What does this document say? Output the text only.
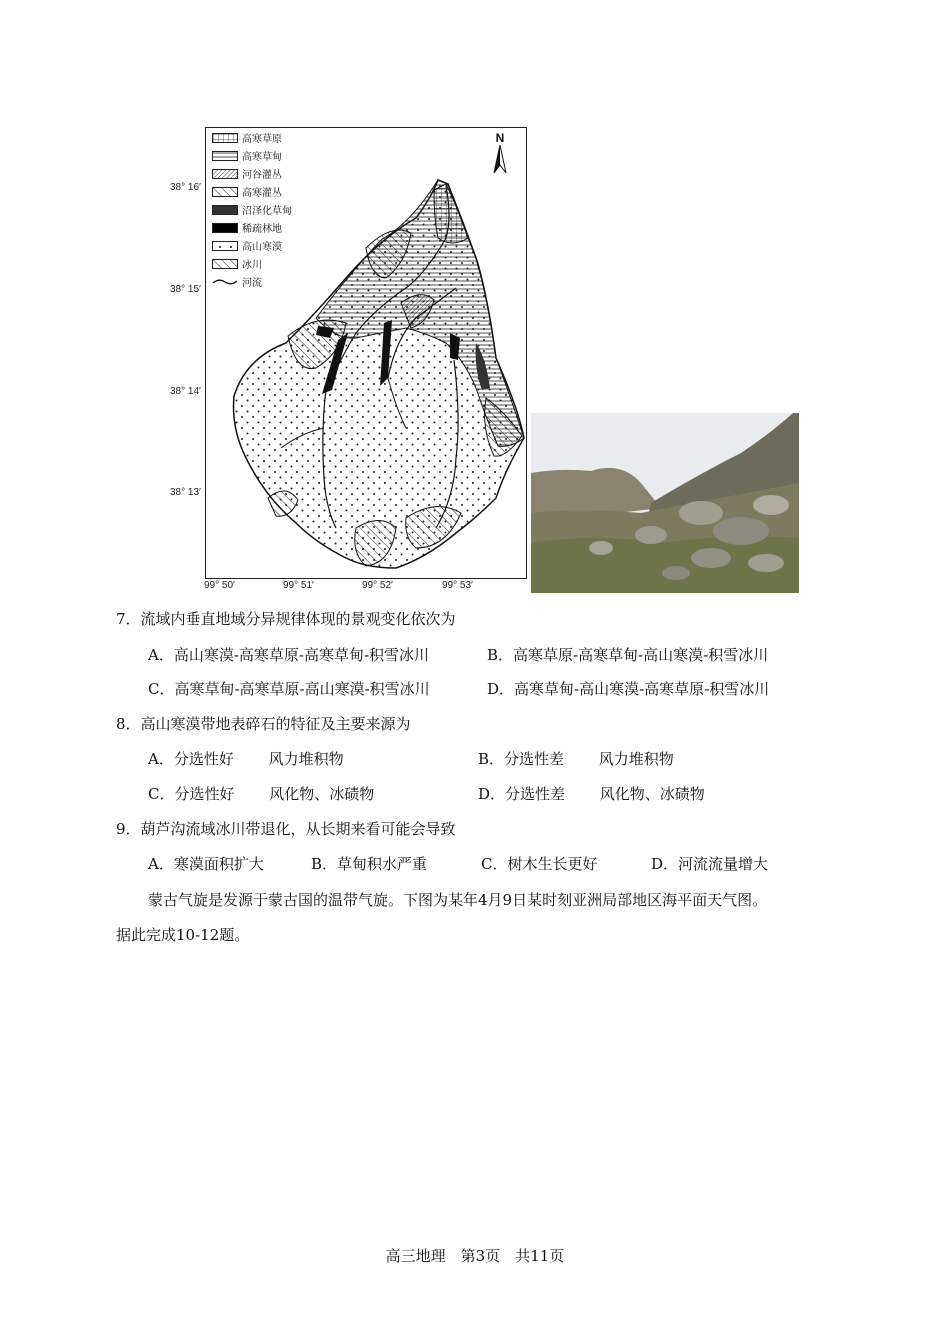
高寒草原
高寒草甸
河谷灌丛
高寒灌丛
沼泽化草甸
稀疏林地
高山寒漠
冰川
河流
N
38° 16′
38° 15′
38° 14′
38° 13′
99° 50′	99° 51′	99° 52′	99° 53′
7．流域内垂直地域分异规律体现的景观变化依次为
A．高山寒漠-高寒草原-高寒草甸-积雪冰川	B．高寒草原-高寒草甸-高山寒漠-积雪冰川
C．高寒草甸-高寒草原-高山寒漠-积雪冰川	D．高寒草甸-高山寒漠-高寒草原-积雪冰川
8．高山寒漠带地表碎石的特征及主要来源为
A．分选性好　　 风力堆积物	B．分选性差　　 风力堆积物
C．分选性好　　 风化物、冰碛物	D．分选性差　　 风化物、冰碛物
9．葫芦沟流域冰川带退化，从长期来看可能会导致
A．寒漠面积扩大	B．草甸积水严重	C．树木生长更好	D．河流流量增大
蒙古气旋是发源于蒙古国的温带气旋。下图为某年4月9日某时刻亚洲局部地区海平面天气图。
据此完成10-12题。
高三地理　第3页　共11页
